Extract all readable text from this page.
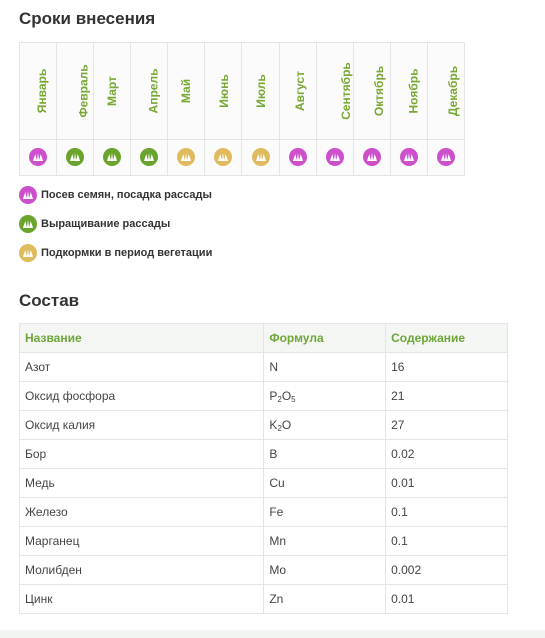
Сроки внесения
Январь	Февраль	Март	Апрель	Май	Июнь	Июль	Август	Сентябрь	Октябрь	Ноябрь	Декабрь

Посев семян, посадка рассады
Выращивание рассады
Подкормки в период вегетации
Состав
Название	Формула	Содержание
Азот	N	16
Оксид фосфора	$P_2O_5$	21
Оксид калия	$K_2O$	27
Бор	B	0.02
Медь	Cu	0.01
Железо	Fe	0.1
Марганец	Mn	0.1
Молибден	Mo	0.002
Цинк	Zn	0.01
